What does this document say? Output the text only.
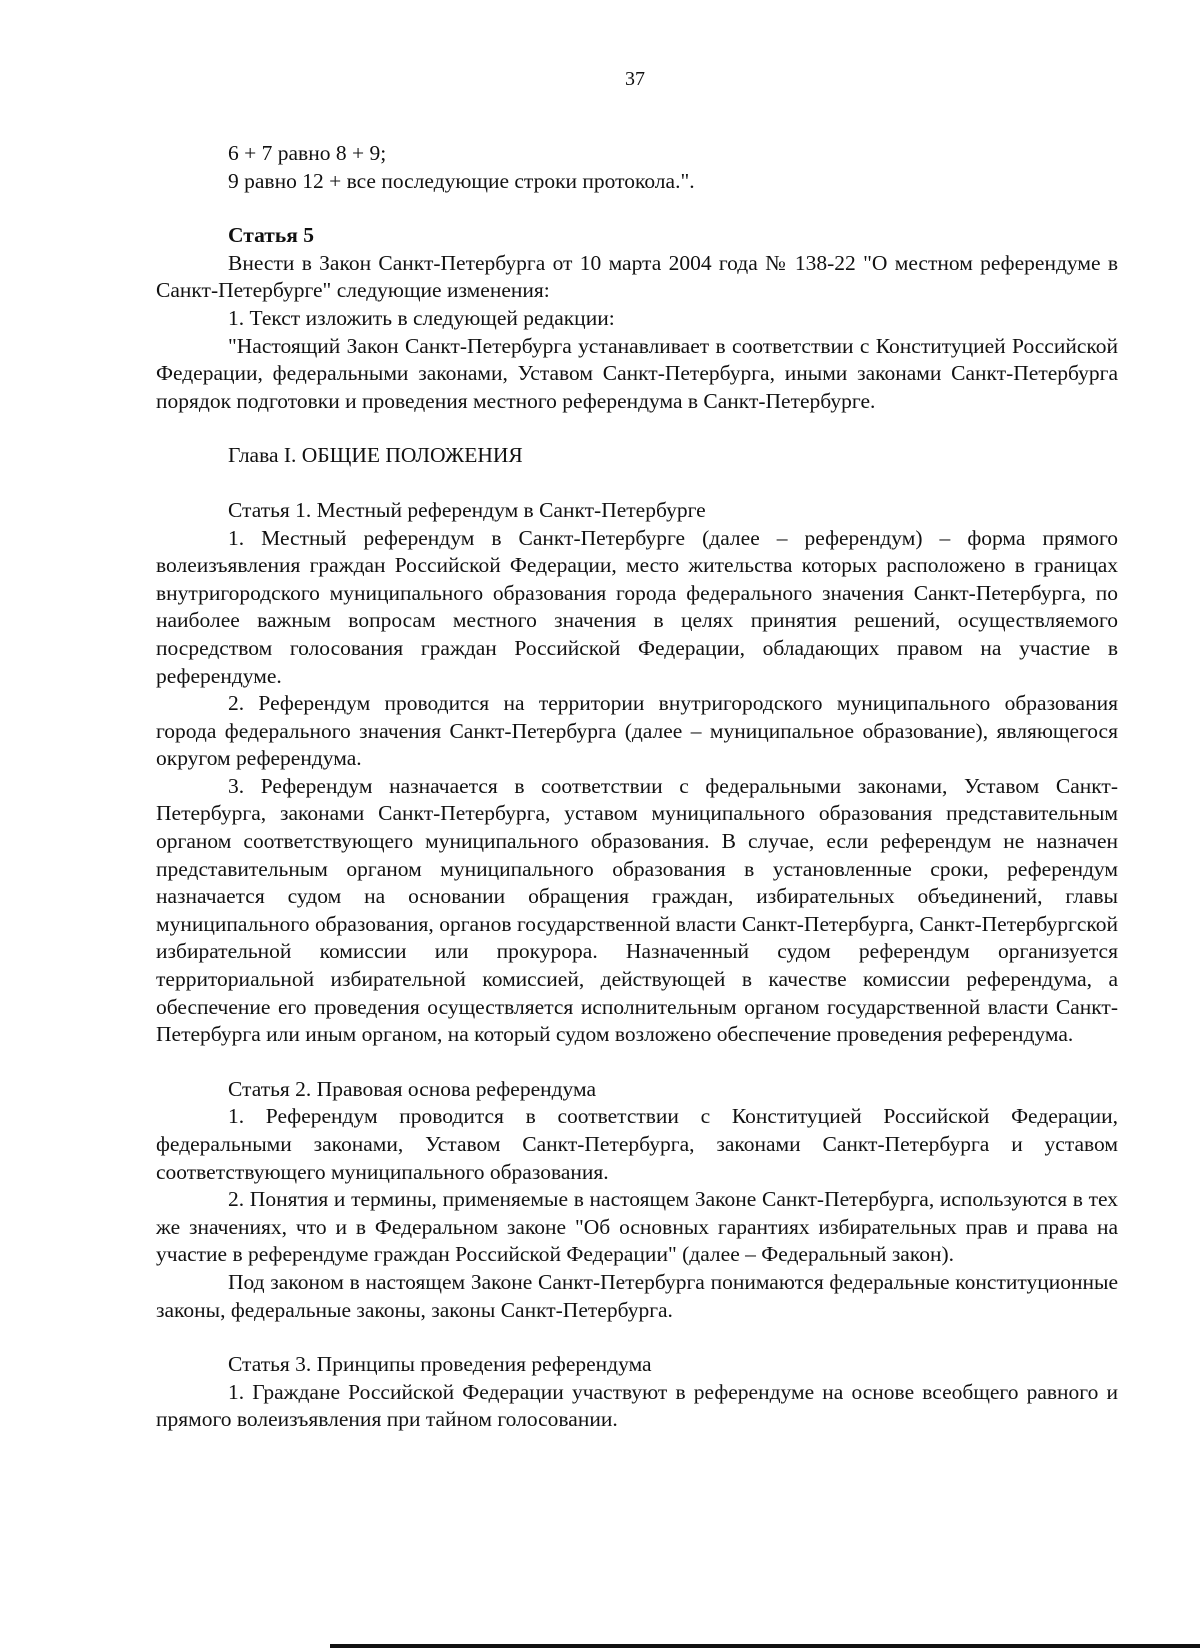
37

6 + 7 равно 8 + 9;

9 равно 12 + все последующие строки протокола.".

Статья 5

Внести в Закон Санкт-Петербурга от 10 марта 2004 года № 138-22 "О местном референдуме в Санкт-Петербурге" следующие изменения:

1. Текст изложить в следующей редакции:

"Настоящий Закон Санкт-Петербурга устанавливает в соответствии с Конституцией Российской Федерации, федеральными законами, Уставом Санкт-Петербурга, иными законами Санкт-Петербурга порядок подготовки и проведения местного референдума в Санкт-Петербурге.

Глава I. ОБЩИЕ ПОЛОЖЕНИЯ

Статья 1. Местный референдум в Санкт-Петербурге

1. Местный референдум в Санкт-Петербурге (далее – референдум) – форма прямого волеизъявления граждан Российской Федерации, место жительства которых расположено в границах внутригородского муниципального образования города федерального значения Санкт-Петербурга, по наиболее важным вопросам местного значения в целях принятия решений, осуществляемого посредством голосования граждан Российской Федерации, обладающих правом на участие в референдуме.

2. Референдум проводится на территории внутригородского муниципального образования города федерального значения Санкт-Петербурга (далее – муниципальное образование), являющегося округом референдума.

3. Референдум назначается в соответствии с федеральными законами, Уставом Санкт-Петербурга, законами Санкт-Петербурга, уставом муниципального образования представительным органом соответствующего муниципального образования. В случае, если референдум не назначен представительным органом муниципального образования в установленные сроки, референдум назначается судом на основании обращения граждан, избирательных объединений, главы муниципального образования, органов государственной власти Санкт-Петербурга, Санкт-Петербургской избирательной комиссии или прокурора. Назначенный судом референдум организуется территориальной избирательной комиссией, действующей в качестве комиссии референдума, а обеспечение его проведения осуществляется исполнительным органом государственной власти Санкт-Петербурга или иным органом, на который судом возложено обеспечение проведения референдума.

Статья 2. Правовая основа референдума

1. Референдум проводится в соответствии с Конституцией Российской Федерации, федеральными законами, Уставом Санкт-Петербурга, законами Санкт-Петербурга и уставом соответствующего муниципального образования.

2. Понятия и термины, применяемые в настоящем Законе Санкт-Петербурга, используются в тех же значениях, что и в Федеральном законе "Об основных гарантиях избирательных прав и права на участие в референдуме граждан Российской Федерации" (далее – Федеральный закон).

Под законом в настоящем Законе Санкт-Петербурга понимаются федеральные конституционные законы, федеральные законы, законы Санкт-Петербурга.

Статья 3. Принципы проведения референдума

1. Граждане Российской Федерации участвуют в референдуме на основе всеобщего равного и прямого волеизъявления при тайном голосовании.
